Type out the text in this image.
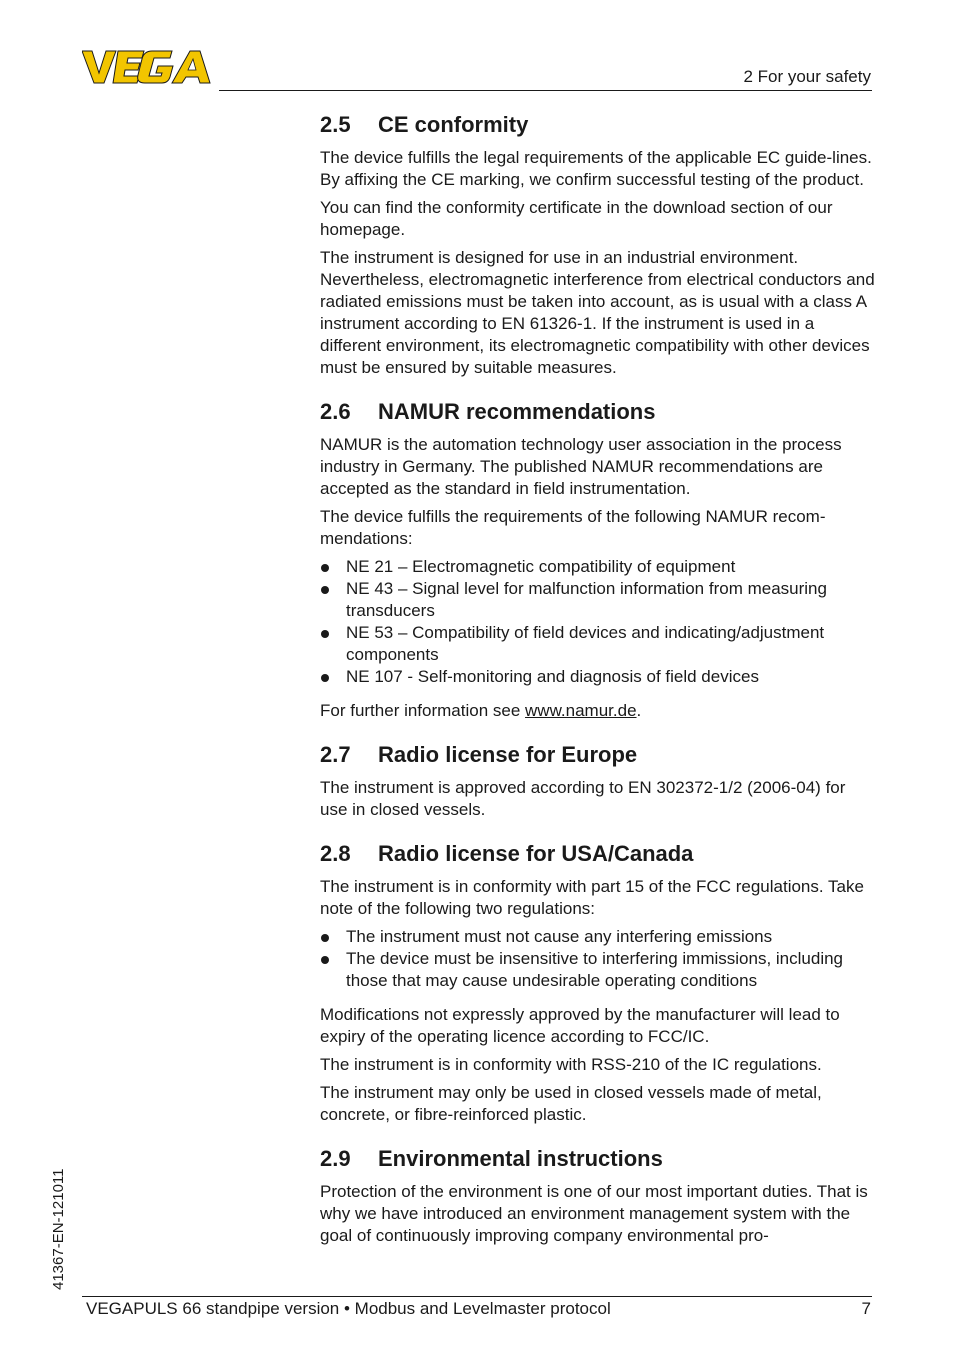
2 For your safety
2.5 CE conformity

The device fulfills the legal requirements of the applicable EC guide-lines. By affixing the CE marking, we confirm successful testing of the product.

You can find the conformity certificate in the download section of our homepage.

The instrument is designed for use in an industrial environment. Nevertheless, electromagnetic interference from electrical conductors and radiated emissions must be taken into account, as is usual with a class A instrument according to EN 61326-1. If the instrument is used in a different environment, its electromagnetic compatibility with other devices must be ensured by suitable measures.

2.6 NAMUR recommendations

NAMUR is the automation technology user association in the process industry in Germany. The published NAMUR recommendations are accepted as the standard in field instrumentation.

The device fulfills the requirements of the following NAMUR recom-mendations:

NE 21 – Electromagnetic compatibility of equipment
NE 43 – Signal level for malfunction information from measuring transducers
NE 53 – Compatibility of field devices and indicating/adjustment components
NE 107 - Self-monitoring and diagnosis of field devices

For further information see www.namur.de.

2.7 Radio license for Europe

The instrument is approved according to EN 302372-1/2 (2006-04) for use in closed vessels.

2.8 Radio license for USA/Canada

The instrument is in conformity with part 15 of the FCC regulations. Take note of the following two regulations:

The instrument must not cause any interfering emissions
The device must be insensitive to interfering immissions, including those that may cause undesirable operating conditions

Modifications not expressly approved by the manufacturer will lead to expiry of the operating licence according to FCC/IC.

The instrument is in conformity with RSS-210 of the IC regulations.

The instrument may only be used in closed vessels made of metal, concrete, or fibre-reinforced plastic.

2.9 Environmental instructions

Protection of the environment is one of our most important duties. That is why we have introduced an environment management system with the goal of continuously improving company environmental pro-

41367-EN-121011
VEGAPULS 66 standpipe version • Modbus and Levelmaster protocol	7
